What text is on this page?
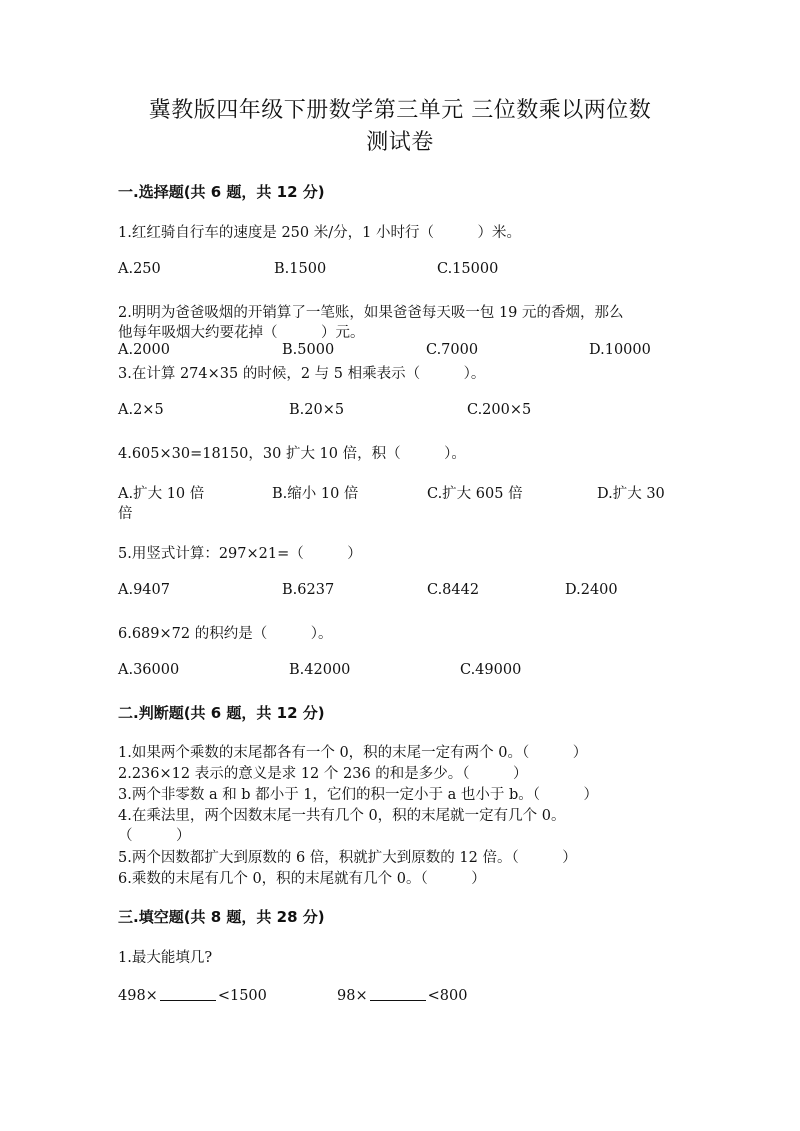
冀教版四年级下册数学第三单元 三位数乘以两位数
测试卷
一.选择题(共 6 题，共 12 分)
1.红红骑自行车的速度是 250 米/分，1 小时行（　　　）米。
A.250	B.1500	C.15000
2.明明为爸爸吸烟的开销算了一笔账，如果爸爸每天吸一包 19 元的香烟，那么
他每年吸烟大约要花掉（　　　）元。
A.2000	B.5000	C.7000	D.10000
3.在计算 274×35 的时候，2 与 5 相乘表示（　　　）。
A.2×5	B.20×5	C.200×5
4.605×30=18150，30 扩大 10 倍，积（　　　）。
A.扩大 10 倍	B.缩小 10 倍	C.扩大 605 倍	D.扩大 30
倍
5.用竖式计算：297×21=（　　　）
A.9407	B.6237	C.8442	D.2400
6.689×72 的积约是（　　　）。
A.36000	B.42000	C.49000
二.判断题(共 6 题，共 12 分)
1.如果两个乘数的末尾都各有一个 0，积的末尾一定有两个 0。（　　　）
2.236×12 表示的意义是求 12 个 236 的和是多少。（　　　）
3.两个非零数 a 和 b 都小于 1，它们的积一定小于 a 也小于 b。（　　　）
4.在乘法里，两个因数末尾一共有几个 0，积的末尾就一定有几个 0。
（　　　）
5.两个因数都扩大到原数的 6 倍，积就扩大到原数的 12 倍。（　　　）
6.乘数的末尾有几个 0，积的末尾就有几个 0。（　　　）
三.填空题(共 8 题，共 28 分)
1.最大能填几?
498×	<1500	98×	<800
